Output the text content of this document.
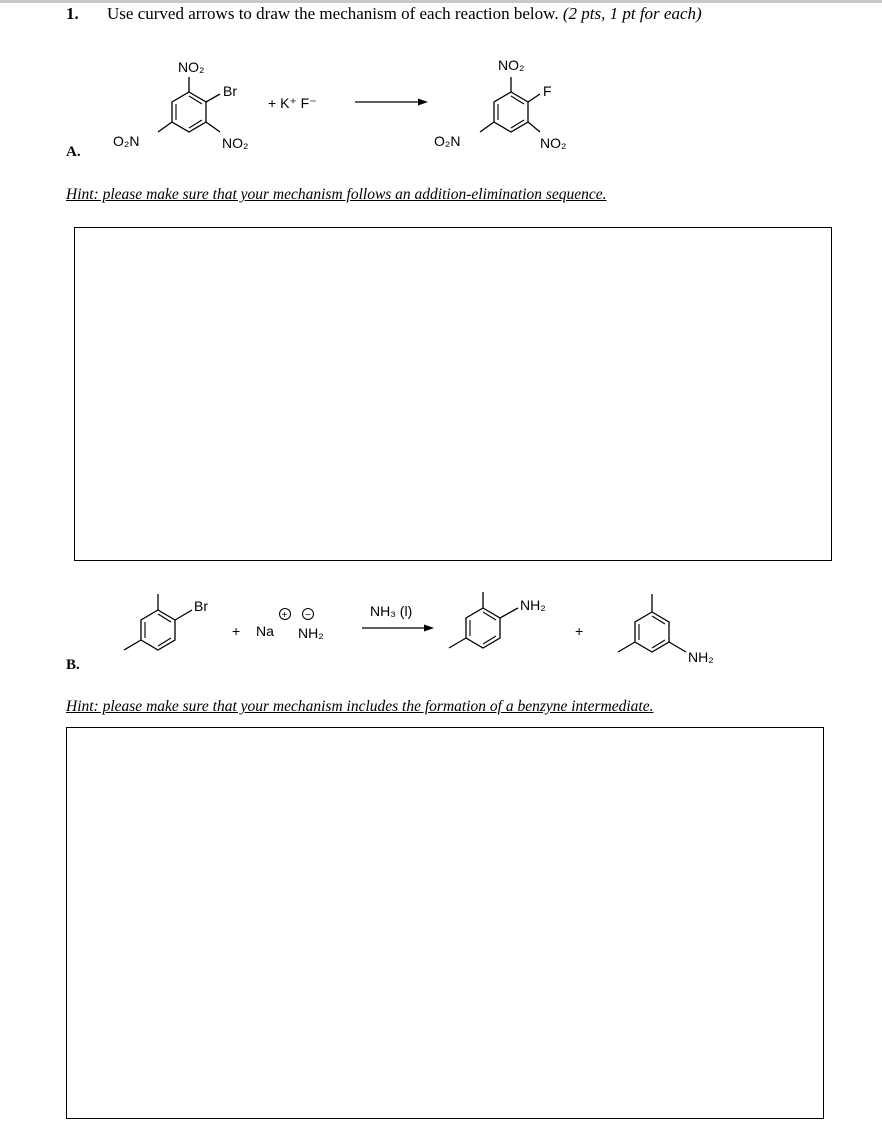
1. Use curved arrows to draw the mechanism of each reaction below. (2 pts, 1 pt for each)
NO₂
Br
O₂N	NO₂
+ K⁺ F⁻
NO₂
F
O₂N	NO₂
A.
Hint: please make sure that your mechanism follows an addition-elimination sequence.
Br
+ Na NH₂
+ −	NH₃ (l)	NH₂
+
NH₂
B.
Hint: please make sure that your mechanism includes the formation of a benzyne intermediate.
